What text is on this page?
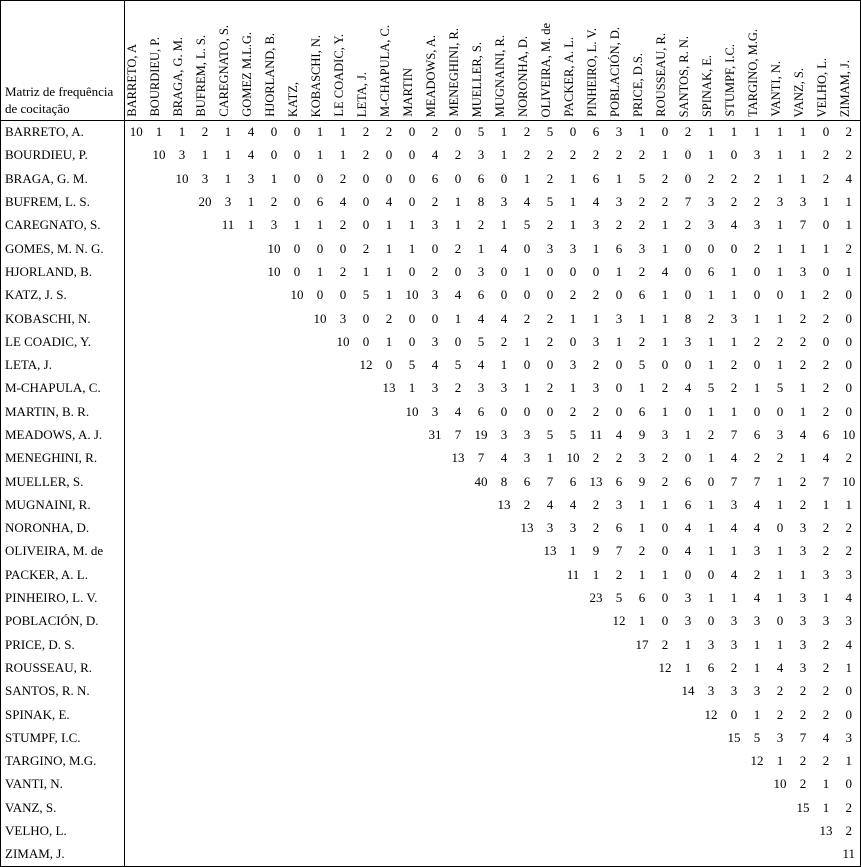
Matriz de frequência de cocitação	BARRETO, A	BOURDIEU, P.	BRAGA, G. M.	BUFREM, L. S.	CAREGNATO, S.	GOMEZ M.L.G.	HJORLAND, B.	KATZ,	KOBASCHI, N.	LE COADIC, Y.	LETA, J.	M-CHAPULA, C.	MARTIN	MEADOWS, A.	MENEGHINI, R.	MUELLER, S.	MUGNAINI, R.	NORONHA, D.	OLIVEIRA, M. de	PACKER, A. L.	PINHEIRO, L. V.	POBLACIÓN, D.	PRICE, D.S.	ROUSSEAU, R.	SANTOS, R. N.	SPINAK, E.	STUMPF, I.C.	TARGINO, M.G.	VANTI, N.	VANZ, S.	VELHO, L.	ZIMAM, J.

BARRETO, A.	10	1	1	2	1	4	0	0	1	1	2	2	0	2	0	5	1	2	5	0	6	3	1	0	2	1	1	1	1	1	0	2
BOURDIEU, P.		10	3	1	1	4	0	0	1	1	2	0	0	4	2	3	1	2	2	2	2	2	2	1	0	1	0	3	1	1	2	2
BRAGA, G. M.			10	3	1	3	1	0	0	2	0	0	0	6	0	6	0	1	2	1	6	1	5	2	0	2	2	2	1	1	2	4
BUFREM, L. S.				20	3	1	2	0	6	4	0	4	0	2	1	8	3	4	5	1	4	3	2	2	7	3	2	2	3	3	1	1
CAREGNATO, S.					11	1	3	1	1	2	0	1	1	3	1	2	1	5	2	1	3	2	2	1	2	3	4	3	1	7	0	1
GOMES, M. N. G.							10	0	0	0	2	1	1	0	2	1	4	0	3	3	1	6	3	1	0	0	0	2	1	1	1	2
HJORLAND, B.							10	0	1	2	1	1	0	2	0	3	0	1	0	0	0	1	2	4	0	6	1	0	1	3	0	1
KATZ, J. S.								10	0	0	5	1	10	3	4	6	0	0	0	2	2	0	6	1	0	1	1	0	0	1	2	0
KOBASCHI, N.									10	3	0	2	0	0	1	4	4	2	2	1	1	3	1	1	8	2	3	1	1	2	2	0
LE COADIC, Y.										10	0	1	0	3	0	5	2	1	2	0	3	1	2	1	3	1	1	2	2	2	0	0
LETA, J.											12	0	5	4	5	4	1	0	0	3	2	0	5	0	0	1	2	0	1	2	2	0
M-CHAPULA, C.												13	1	3	2	3	3	1	2	1	3	0	1	2	4	5	2	1	5	1	2	0
MARTIN, B. R.													10	3	4	6	0	0	0	2	2	0	6	1	0	1	1	0	0	1	2	0
MEADOWS, A. J.														31	7	19	3	3	5	5	11	4	9	3	1	2	7	6	3	4	6	10
MENEGHINI, R.															13	7	4	3	1	10	2	2	3	2	0	1	4	2	2	1	4	2
MUELLER, S.																40	8	6	7	6	13	6	9	2	6	0	7	7	1	2	7	10
MUGNAINI, R.																	13	2	4	4	2	3	1	1	6	1	3	4	1	2	1	1
NORONHA, D.																		13	3	3	2	6	1	0	4	1	4	4	0	3	2	2
OLIVEIRA, M. de																			13	1	9	7	2	0	4	1	1	3	1	3	2	2
PACKER, A. L.																				11	1	2	1	1	0	0	4	2	1	1	3	3
PINHEIRO, L. V.																					23	5	6	0	3	1	1	4	1	3	1	4
POBLACIÓN, D.																						12	1	0	3	0	3	3	0	3	3	3
PRICE, D. S.																							17	2	1	3	3	1	1	3	2	4
ROUSSEAU, R.																								12	1	6	2	1	4	3	2	1
SANTOS, R. N.																									14	3	3	3	2	2	2	0
SPINAK, E.																										12	0	1	2	2	2	0
STUMPF, I.C.																											15	5	3	7	4	3
TARGINO, M.G.																												12	1	2	2	1
VANTI, N.																													10	2	1	0
VANZ, S.																														15	1	2
VELHO, L.																															13	2
ZIMAM, J.																																11
